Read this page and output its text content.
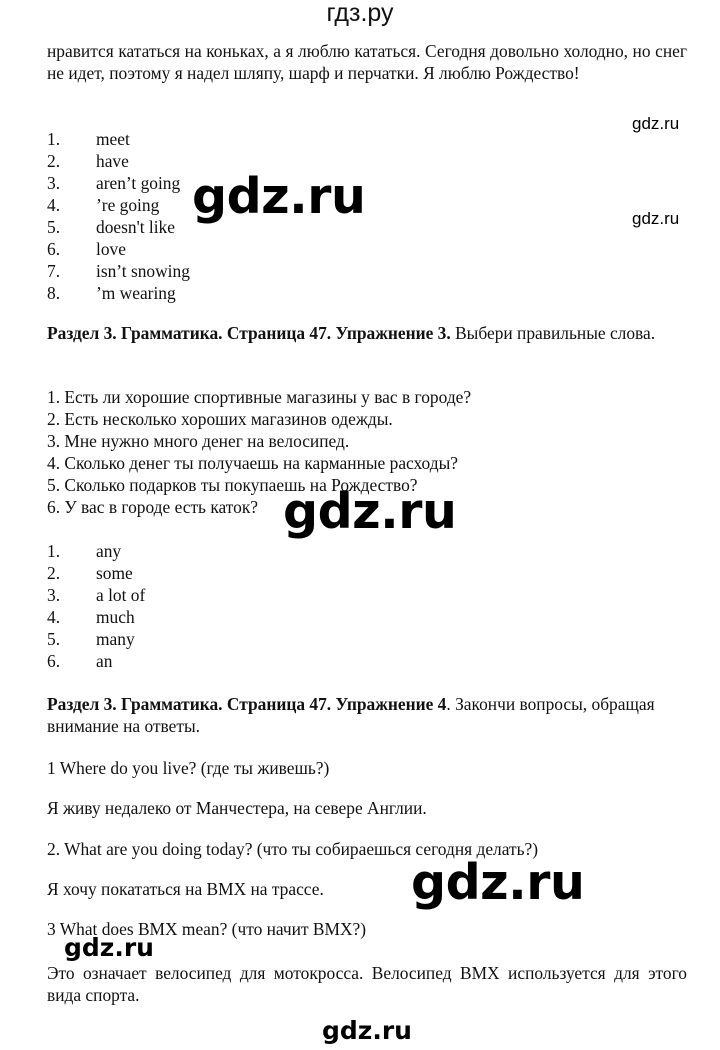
гдз.ру
нравится кататься на коньках, а я люблю кататься. Сегодня довольно холодно, но снег не идет, поэтому я надел шляпу, шарф и перчатки. Я люблю Рождество!
1. meet
2. have
3. aren’t going
4. ’re going
5. doesn't like
6. love
7. isn’t snowing
8. ’m wearing
Раздел 3. Грамматика. Страница 47. Упражнение 3. Выбери правильные слова.
1. Есть ли хорошие спортивные магазины у вас в городе?
2. Есть несколько хороших магазинов одежды.
3. Мне нужно много денег на велосипед.
4. Сколько денег ты получаешь на карманные расходы?
5. Сколько подарков ты покупаешь на Рождество?
6. У вас в городе есть каток?
1. any
2. some
3. a lot of
4. much
5. many
6. an
Раздел 3. Грамматика. Страница 47. Упражнение 4. Закончи вопросы, обращая внимание на ответы.
1 Where do you live? (где ты живешь?)
Я живу недалеко от Манчестера, на севере Англии.
2. What are you doing today? (что ты собираешься сегодня делать?)
Я хочу покататься на BMX на трассе.
3 What does BMX mean? (что начит BMX?)
Это означает велосипед для мотокросса. Велосипед BMX используется для этого вида спорта.
gdz.ru
gdz.ru
gdz.ru
gdz.ru
gdz.ru
gdz.ru
gdz.ru
